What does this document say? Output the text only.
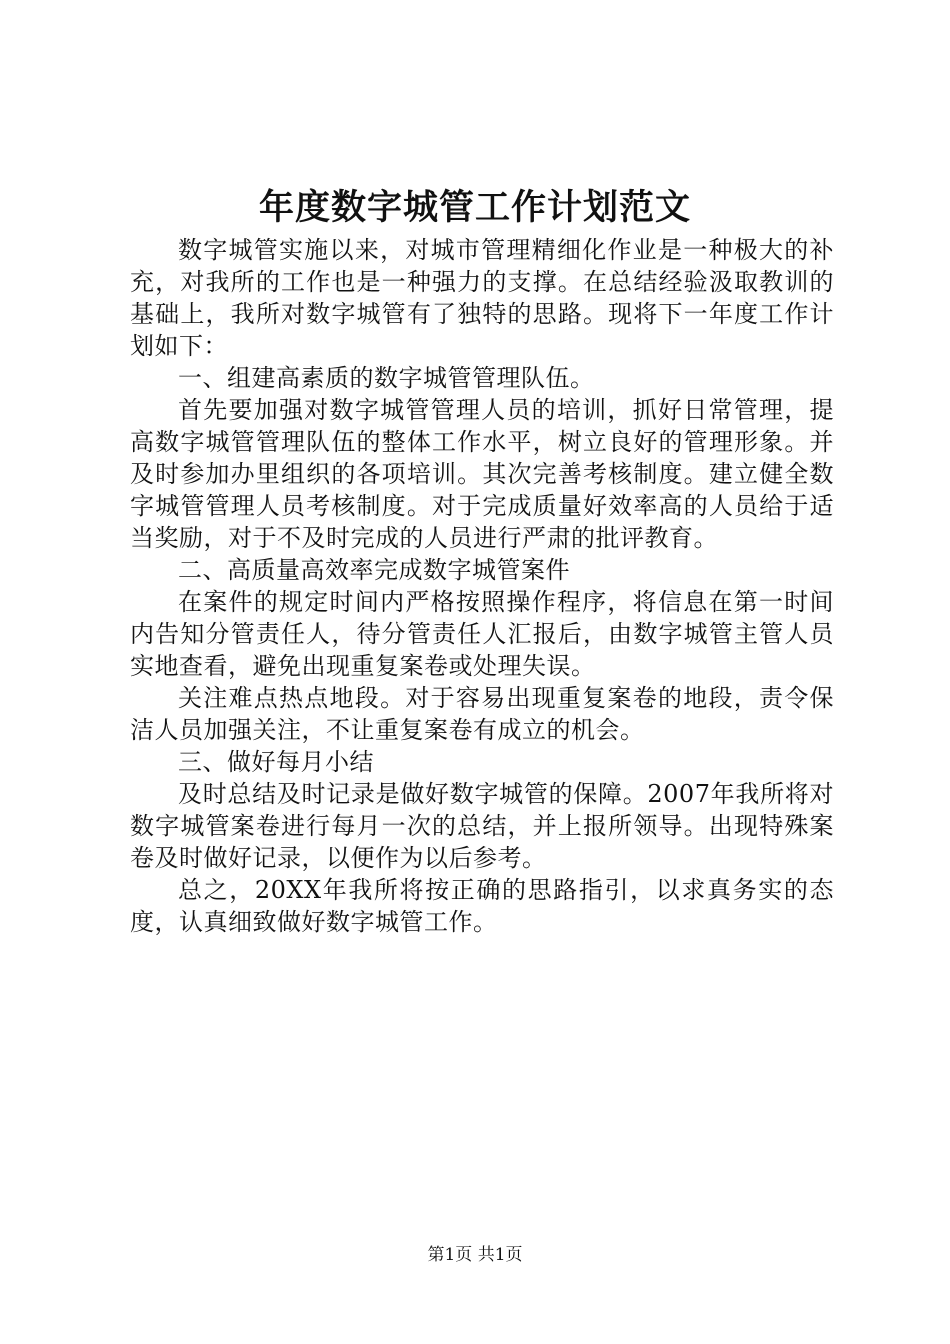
年度数字城管工作计划范文

数字城管实施以来，对城市管理精细化作业是一种极大的补充，对我所的工作也是一种强力的支撑。在总结经验汲取教训的基础上，我所对数字城管有了独特的思路。现将下一年度工作计划如下：

一、组建高素质的数字城管管理队伍。

首先要加强对数字城管管理人员的培训，抓好日常管理，提高数字城管管理队伍的整体工作水平，树立良好的管理形象。并及时参加办里组织的各项培训。其次完善考核制度。建立健全数字城管管理人员考核制度。对于完成质量好效率高的人员给于适当奖励，对于不及时完成的人员进行严肃的批评教育。

二、高质量高效率完成数字城管案件

在案件的规定时间内严格按照操作程序，将信息在第一时间内告知分管责任人，待分管责任人汇报后，由数字城管主管人员实地查看，避免出现重复案卷或处理失误。

关注难点热点地段。对于容易出现重复案卷的地段，责令保洁人员加强关注，不让重复案卷有成立的机会。

三、做好每月小结

及时总结及时记录是做好数字城管的保障。2007年我所将对数字城管案卷进行每月一次的总结，并上报所领导。出现特殊案卷及时做好记录，以便作为以后参考。

总之，20XX年我所将按正确的思路指引，以求真务实的态度，认真细致做好数字城管工作。

第1页 共1页
